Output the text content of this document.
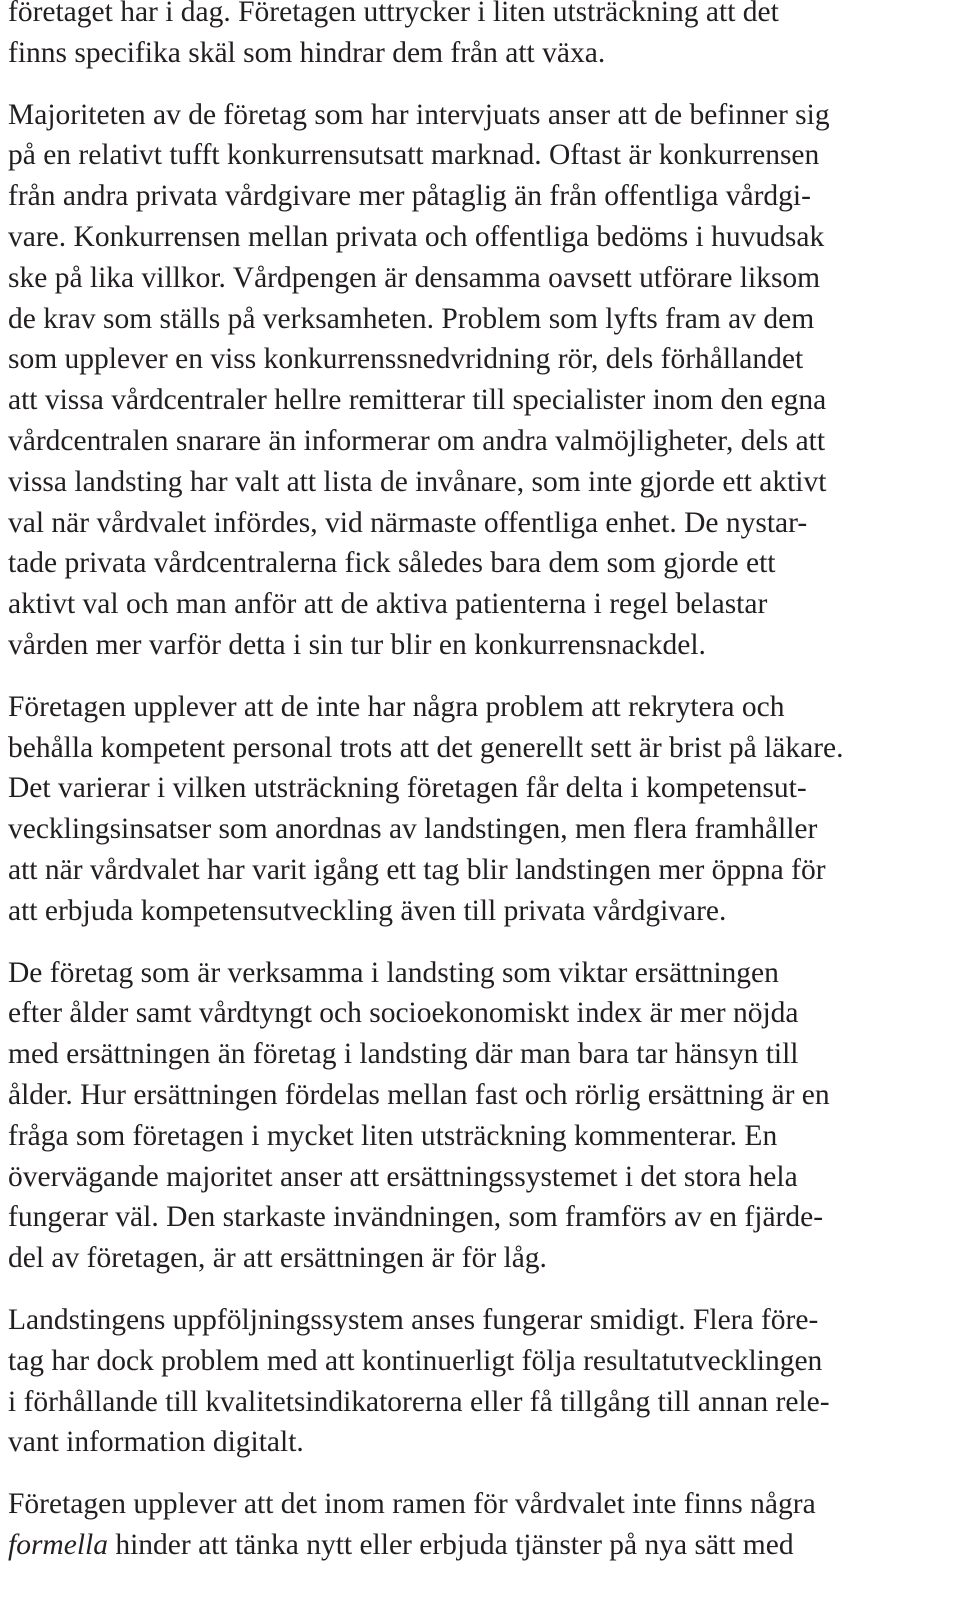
företaget har i dag. Företagen uttrycker i liten utsträckning att det
finns specifika skäl som hindrar dem från att växa.
Majoriteten av de företag som har intervjuats anser att de befinner sig
på en relativt tufft konkurrensutsatt marknad. Oftast är konkurrensen
från andra privata vårdgivare mer påtaglig än från offentliga vårdgi-
vare. Konkurrensen mellan privata och offentliga bedöms i huvudsak
ske på lika villkor. Vårdpengen är densamma oavsett utförare liksom
de krav som ställs på verksamheten. Problem som lyfts fram av dem
som upplever en viss konkurrenssnedvridning rör, dels förhållandet
att vissa vårdcentraler hellre remitterar till specialister inom den egna
vårdcentralen snarare än informerar om andra valmöjligheter, dels att
vissa landsting har valt att lista de invånare, som inte gjorde ett aktivt
val när vårdvalet infördes, vid närmaste offentliga enhet. De nystar-
tade privata vårdcentralerna fick således bara dem som gjorde ett
aktivt val och man anför att de aktiva patienterna i regel belastar
vården mer varför detta i sin tur blir en konkurrensnackdel.
Företagen upplever att de inte har några problem att rekrytera och
behålla kompetent personal trots att det generellt sett är brist på läkare.
Det varierar i vilken utsträckning företagen får delta i kompetensut-
vecklingsinsatser som anordnas av landstingen, men flera framhåller
att när vårdvalet har varit igång ett tag blir landstingen mer öppna för
att erbjuda kompetensutveckling även till privata vårdgivare.
De företag som är verksamma i landsting som viktar ersättningen
efter ålder samt vårdtyngt och socioekonomiskt index är mer nöjda
med ersättningen än företag i landsting där man bara tar hänsyn till
ålder. Hur ersättningen fördelas mellan fast och rörlig ersättning är en
fråga som företagen i mycket liten utsträckning kommenterar. En
övervägande majoritet anser att ersättningssystemet i det stora hela
fungerar väl. Den starkaste invändningen, som framförs av en fjärde-
del av företagen, är att ersättningen är för låg.
Landstingens uppföljningssystem anses fungerar smidigt. Flera före-
tag har dock problem med att kontinuerligt följa resultatutvecklingen
i förhållande till kvalitetsindikatorerna eller få tillgång till annan rele-
vant information digitalt.
Företagen upplever att det inom ramen för vårdvalet inte finns några
formella hinder att tänka nytt eller erbjuda tjänster på nya sätt med
